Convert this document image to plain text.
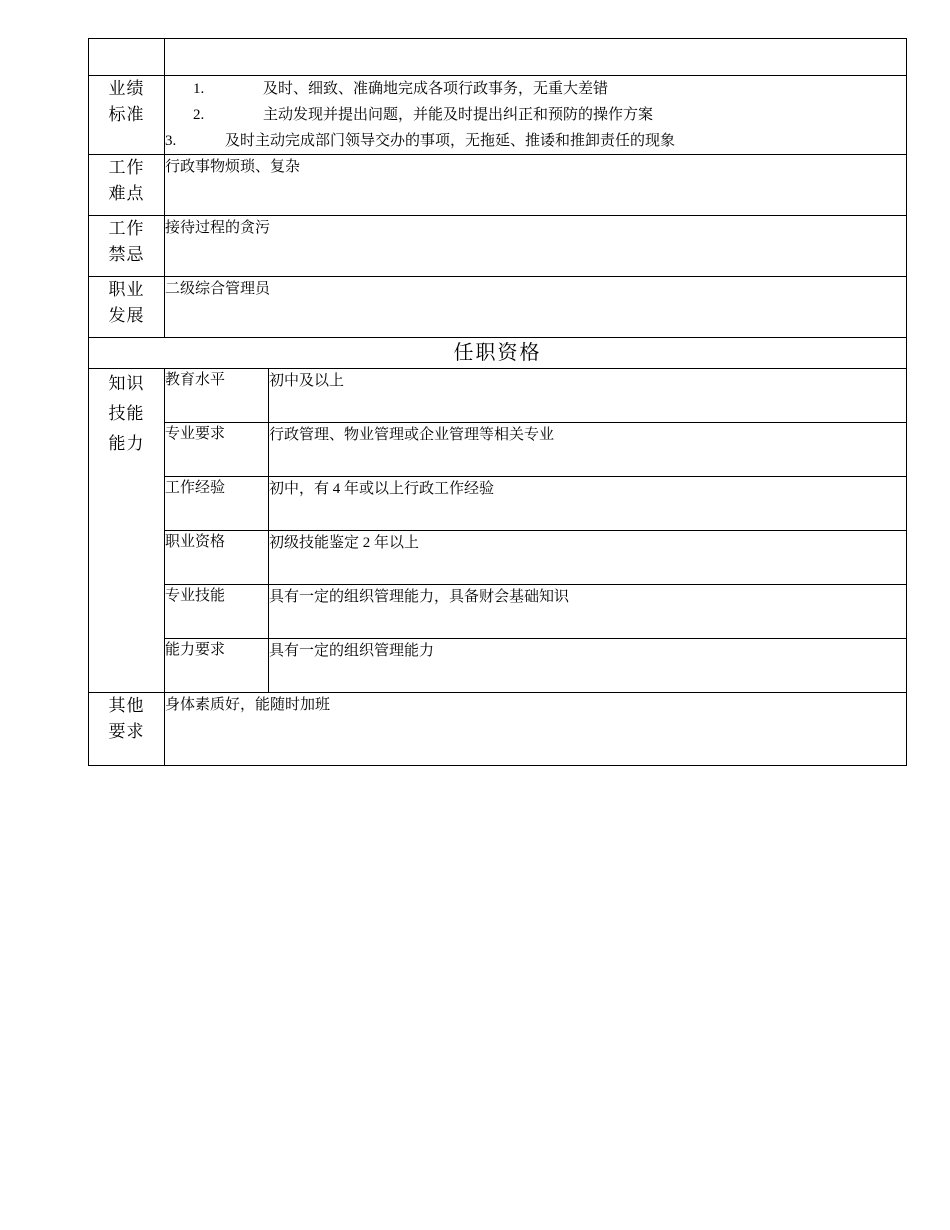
业绩
标准

1.	及时、细致、准确地完成各项行政事务，无重大差错
2.	主动发现并提出问题，并能及时提出纠正和预防的操作方案
3.	及时主动完成部门领导交办的事项，无拖延、推诿和推卸责任的现象

工作
难点	行政事物烦琐、复杂	

工作
禁忌	接待过程的贪污	

职业
发展	二级综合管理员	
任职资格		

知识
技能
能力	教育水平	初中及以上
	专业要求	行政管理、物业管理或企业管理等相关专业
	工作经验	初中，有 4 年或以上行政工作经验
	职业资格	初级技能鉴定 2 年以上
	专业技能	具有一定的组织管理能力，具备财会基础知识
	能力要求	具有一定的组织管理能力

其他
要求	身体素质好，能随时加班	
